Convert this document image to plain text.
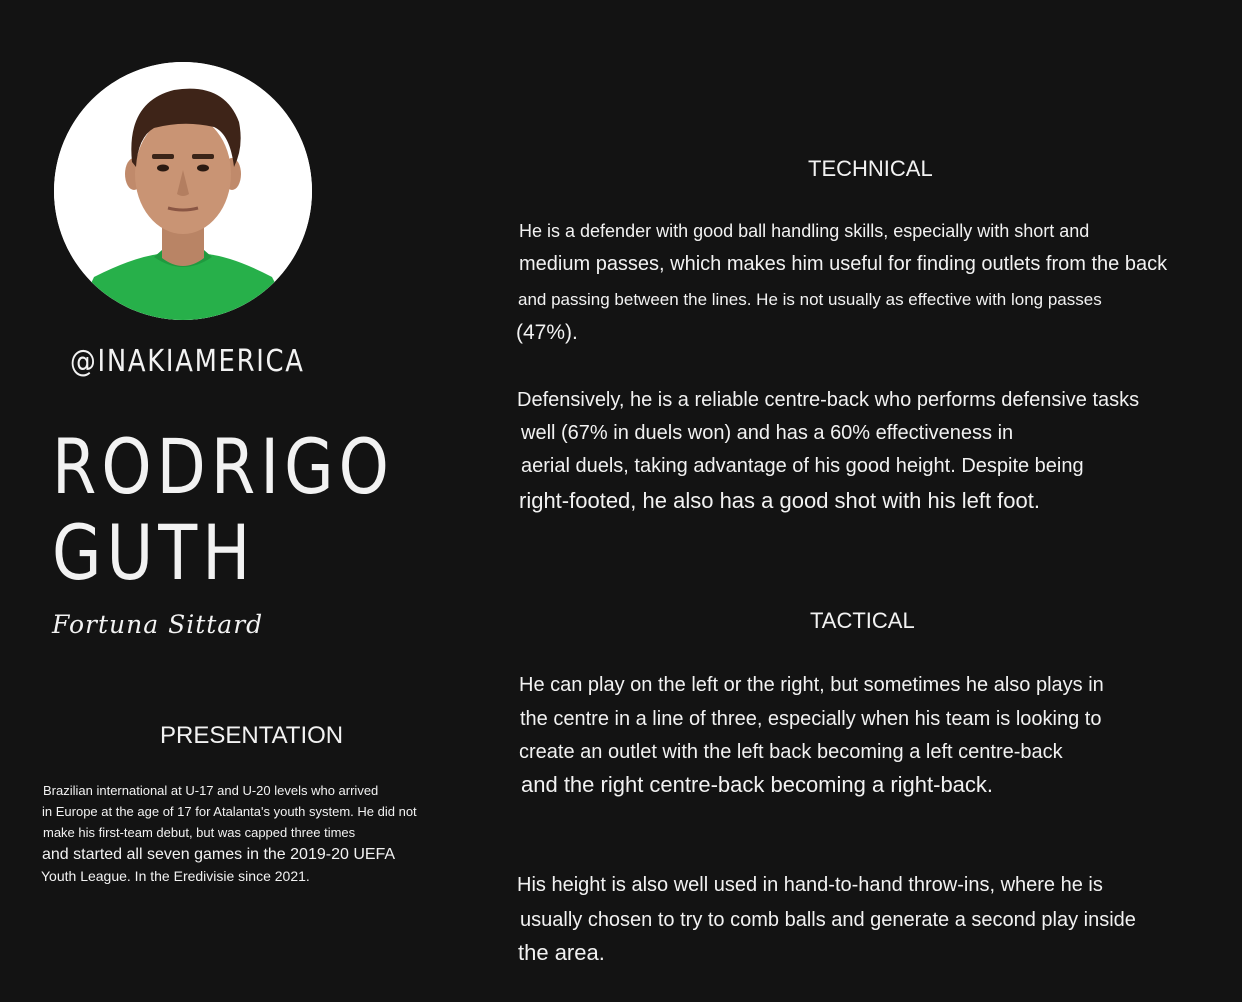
@INAKIAMERICA
RODRIGO
GUTH
Fortuna Sittard
PRESENTATION
Brazilian international at U-17 and U-20 levels who arrived
in Europe at the age of 17 for Atalanta's youth system. He did not
make his first-team debut, but was capped three times
and started all seven games in the 2019-20 UEFA
Youth League. In the Eredivisie since 2021.
TECHNICAL
He is a defender with good ball handling skills, especially with short and
medium passes, which makes him useful for finding outlets from the back
and passing between the lines. He is not usually as effective with long passes
(47%).
Defensively, he is a reliable centre-back who performs defensive tasks
well (67% in duels won) and has a 60% effectiveness in
aerial duels, taking advantage of his good height. Despite being
right-footed, he also has a good shot with his left foot.
TACTICAL
He can play on the left or the right, but sometimes he also plays in
the centre in a line of three, especially when his team is looking to
create an outlet with the left back becoming a left centre-back
and the right centre-back becoming a right-back.
His height is also well used in hand-to-hand throw-ins, where he is
usually chosen to try to comb balls and generate a second play inside
the area.
